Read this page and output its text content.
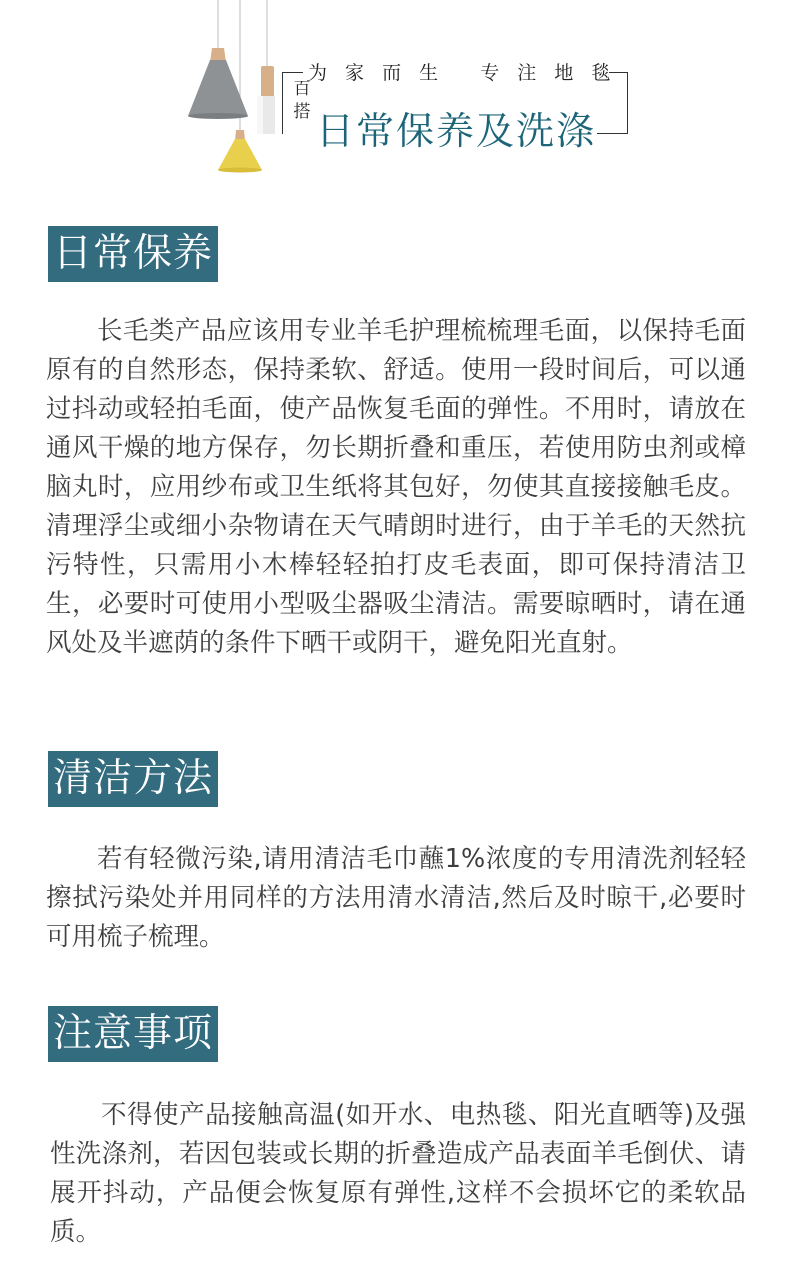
为 家 而 生   专 注 地 毯
百搭 日常保养及洗涤
日常保养
长毛类产品应该用专业羊毛护理梳梳理毛面，以保持毛面原有的自然形态，保持柔软、舒适。使用一段时间后，可以通过抖动或轻拍毛面，使产品恢复毛面的弹性。不用时，请放在通风干燥的地方保存，勿长期折叠和重压，若使用防虫剂或樟脑丸时，应用纱布或卫生纸将其包好，勿使其直接接触毛皮。清理浮尘或细小杂物请在天气晴朗时进行，由于羊毛的天然抗污特性，只需用小木棒轻轻拍打皮毛表面，即可保持清洁卫生，必要时可使用小型吸尘器吸尘清洁。需要晾晒时，请在通风处及半遮荫的条件下晒干或阴干，避免阳光直射。
清洁方法
若有轻微污染,请用清洁毛巾蘸1%浓度的专用清洗剂轻轻擦拭污染处并用同样的方法用清水清洁,然后及时晾干,必要时可用梳子梳理。
注意事项
不得使产品接触高温(如开水、电热毯、阳光直晒等)及强性洗涤剂，若因包装或长期的折叠造成产品表面羊毛倒伏、请展开抖动，产品便会恢复原有弹性,这样不会损坏它的柔软品质。
